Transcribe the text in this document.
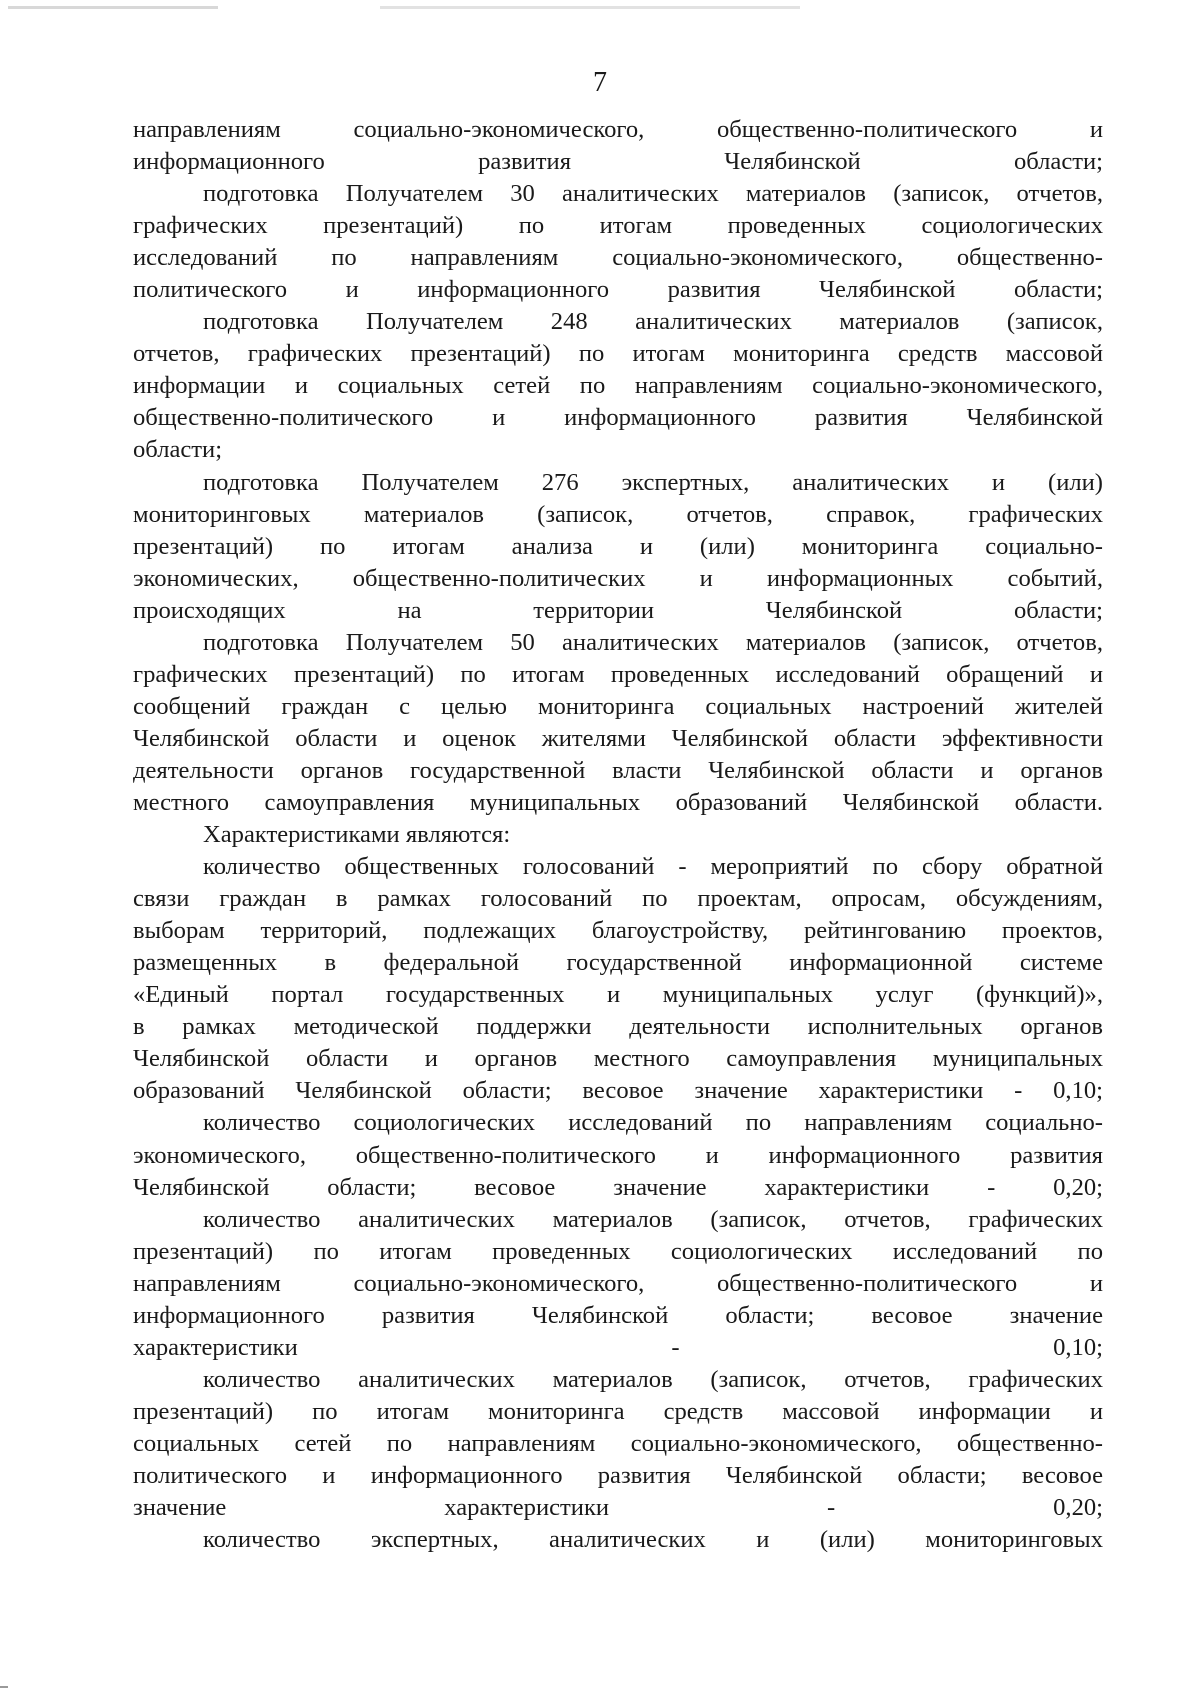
7

направлениям социально-экономического, общественно-политического и
информационного развития Челябинской области;

подготовка Получателем 30 аналитических материалов (записок, отчетов,
графических презентаций) по итогам проведенных социологических
исследований по направлениям социально-экономического, общественно-
политического и информационного развития Челябинской области;

подготовка Получателем 248 аналитических материалов (записок,
отчетов, графических презентаций) по итогам мониторинга средств массовой
информации и социальных сетей по направлениям социально-экономического,
общественно-политического и информационного развития Челябинской
области;

подготовка Получателем 276 экспертных, аналитических и (или)
мониторинговых материалов (записок, отчетов, справок, графических
презентаций) по итогам анализа и (или) мониторинга социально-
экономических, общественно-политических и информационных событий,
происходящих на территории Челябинской области;

подготовка Получателем 50 аналитических материалов (записок, отчетов,
графических презентаций) по итогам проведенных исследований обращений и
сообщений граждан с целью мониторинга социальных настроений жителей
Челябинской области и оценок жителями Челябинской области эффективности
деятельности органов государственной власти Челябинской области и органов
местного самоуправления муниципальных образований Челябинской области.

Характеристиками являются:

количество общественных голосований - мероприятий по сбору обратной
связи граждан в рамках голосований по проектам, опросам, обсуждениям,
выборам территорий, подлежащих благоустройству, рейтингованию проектов,
размещенных в федеральной государственной информационной системе
«Единый портал государственных и муниципальных услуг (функций)»,
в рамках методической поддержки деятельности исполнительных органов
Челябинской области и органов местного самоуправления муниципальных
образований Челябинской области; весовое значение характеристики - 0,10;

количество социологических исследований по направлениям социально-
экономического, общественно-политического и информационного развития
Челябинской области; весовое значение характеристики - 0,20;

количество аналитических материалов (записок, отчетов, графических
презентаций) по итогам проведенных социологических исследований по
направлениям социально-экономического, общественно-политического и
информационного развития Челябинской области; весовое значение
характеристики - 0,10;

количество аналитических материалов (записок, отчетов, графических
презентаций) по итогам мониторинга средств массовой информации и
социальных сетей по направлениям социально-экономического, общественно-
политического и информационного развития Челябинской области; весовое
значение характеристики - 0,20;

количество экспертных, аналитических и (или) мониторинговых
